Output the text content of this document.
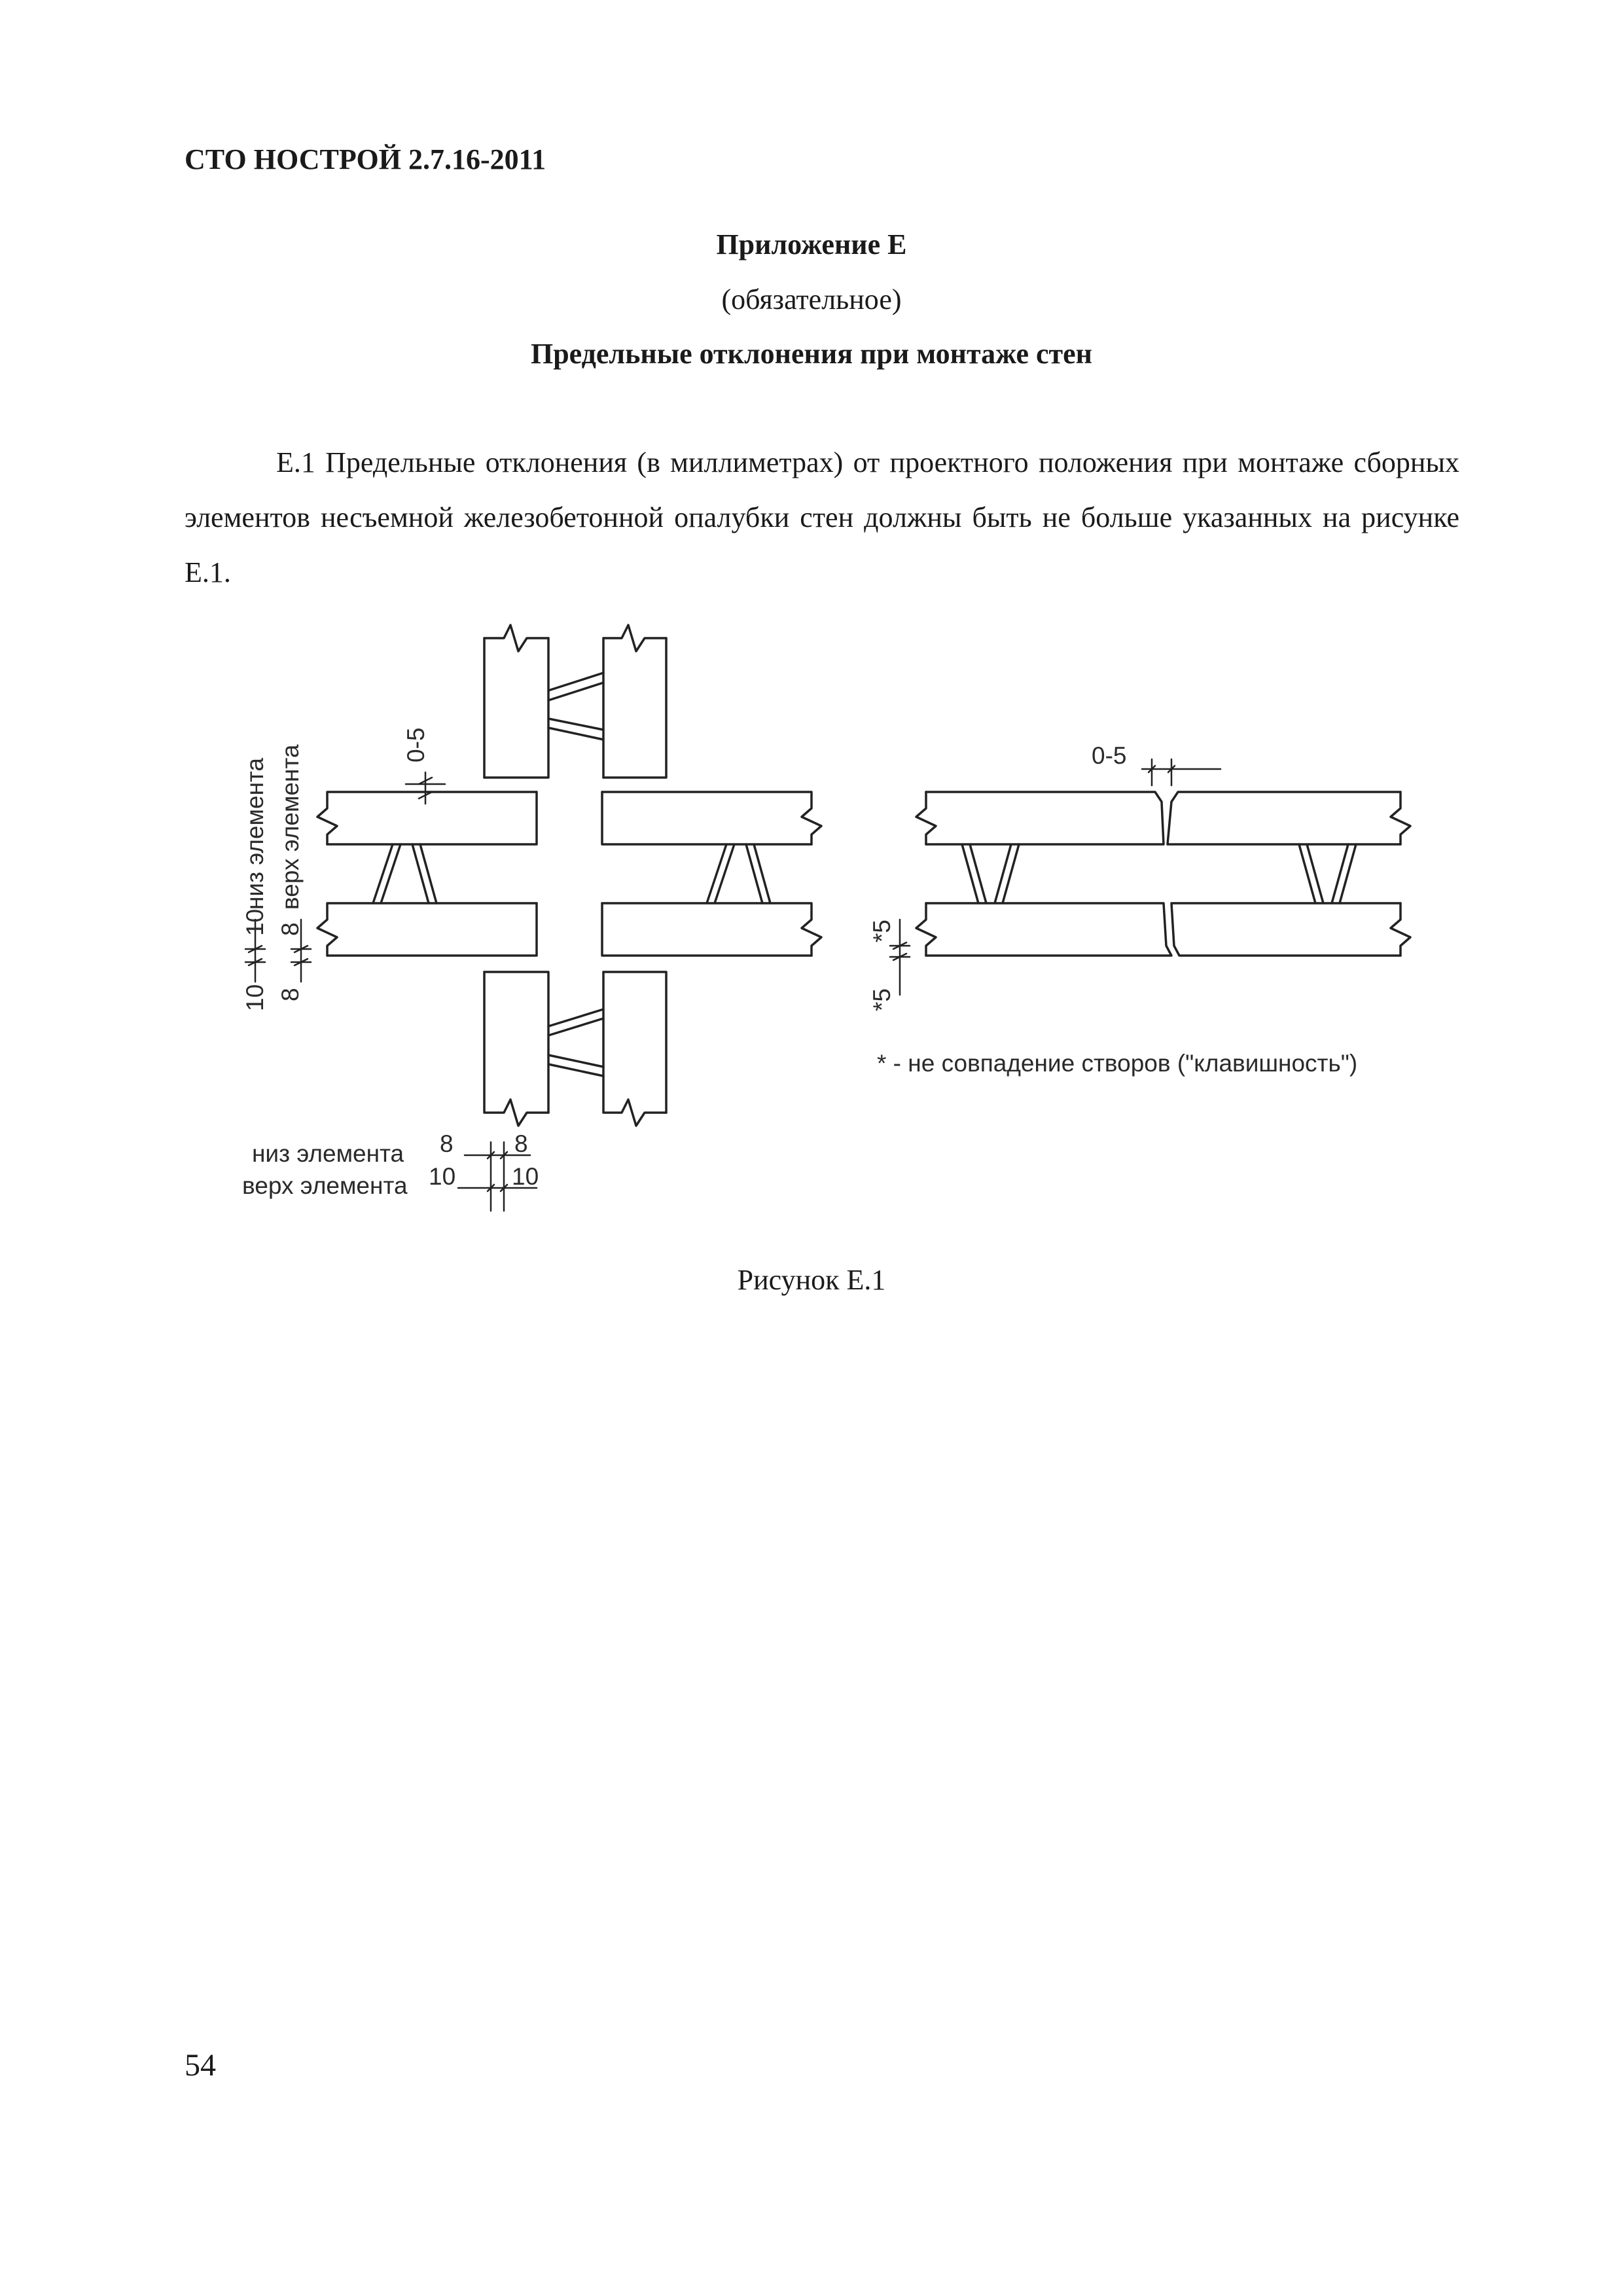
СТО НОСТРОЙ 2.7.16-2011
Приложение Е
(обязательное)
Предельные отклонения при монтаже стен
Е.1 Предельные отклонения (в миллиметрах) от проектного положения при монтаже сборных элементов несъемной железобетонной опалубки стен должны быть не больше указанных на рисунке Е.1.
0-5
низ элемента верх элемента
10 8
10 8
низ элемента
верх элемента
8	8
10 10
0-5
*5
*5
* - не совпадение створов ("клавишность")
Рисунок Е.1
54
